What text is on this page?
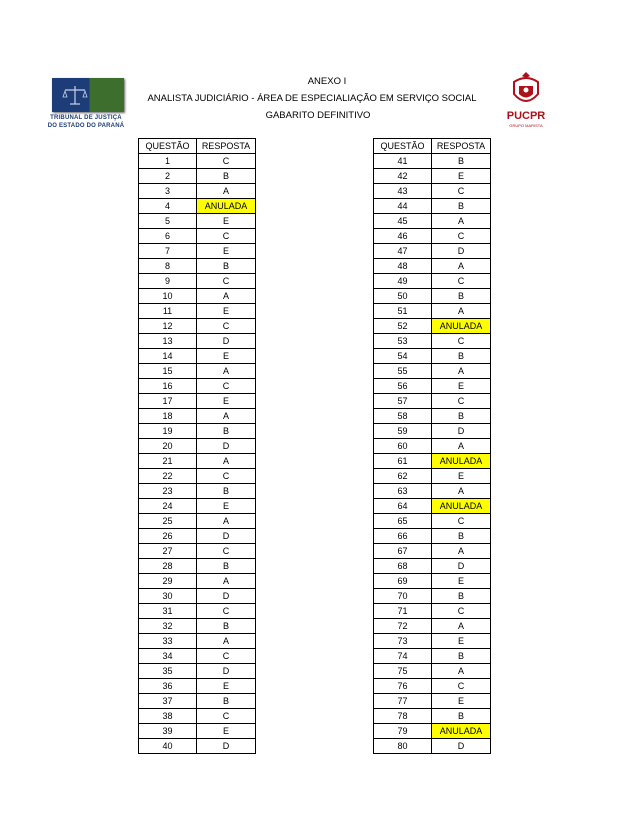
TRIBUNAL DE JUSTIÇA
DO ESTADO DO PARANÁ
PUCPR
GRUPO MARISTA
ANEXO I
ANALISTA JUDICIÁRIO - ÁREA DE ESPECIALIAÇÃO EM SERVIÇO SOCIAL
GABARITO DEFINITIVO
QUESTÃO	RESPOSTA
1	C
2	B
3	A
4	ANULADA
5	E
6	C
7	E
8	B
9	C
10	A
11	E
12	C
13	D
14	E
15	A
16	C
17	E
18	A
19	B
20	D
21	A
22	C
23	B
24	E
25	A
26	D
27	C
28	B
29	A
30	D
31	C
32	B
33	A
34	C
35	D
36	E
37	B
38	C
39	E
40	D
QUESTÃO	RESPOSTA
41	B
42	E
43	C
44	B
45	A
46	C
47	D
48	A
49	C
50	B
51	A
52	ANULADA
53	C
54	B
55	A
56	E
57	C
58	B
59	D
60	A
61	ANULADA
62	E
63	A
64	ANULADA
65	C
66	B
67	A
68	D
69	E
70	B
71	C
72	A
73	E
74	B
75	A
76	C
77	E
78	B
79	ANULADA
80	D
